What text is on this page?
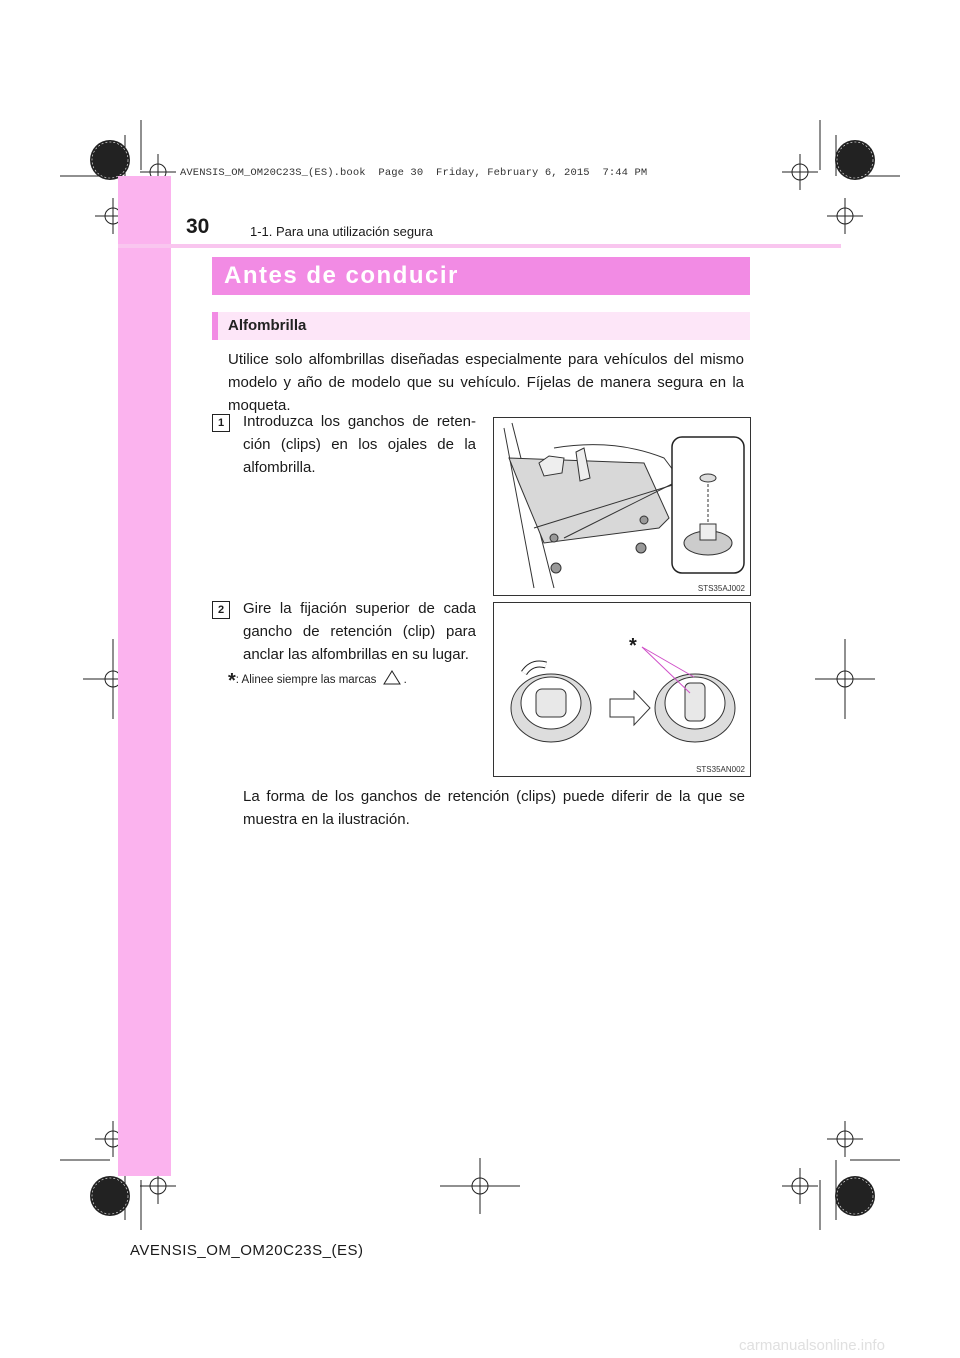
AVENSIS_OM_OM20C23S_(ES).book  Page 30  Friday, February 6, 2015  7:44 PM
30	1-1. Para una utilización segura
Antes de conducir
Alfombrilla
Utilice solo alfombrillas diseñadas especialmente para vehículos del mismo modelo y año de modelo que su vehículo. Fíjelas de manera segura en la moqueta.
1	Introduzca los ganchos de reten-ción (clips) en los ojales de la alfombrilla.
STS35AJ002
2	Gire la fijación superior de cada gancho de retención (clip) para anclar las alfombrillas en su lugar.
*: Alinee siempre las marcas .
*
STS35AN002
La forma de los ganchos de retención (clips) puede diferir de la que se muestra en la ilustración.
AVENSIS_OM_OM20C23S_(ES)
carmanualsonline.info
